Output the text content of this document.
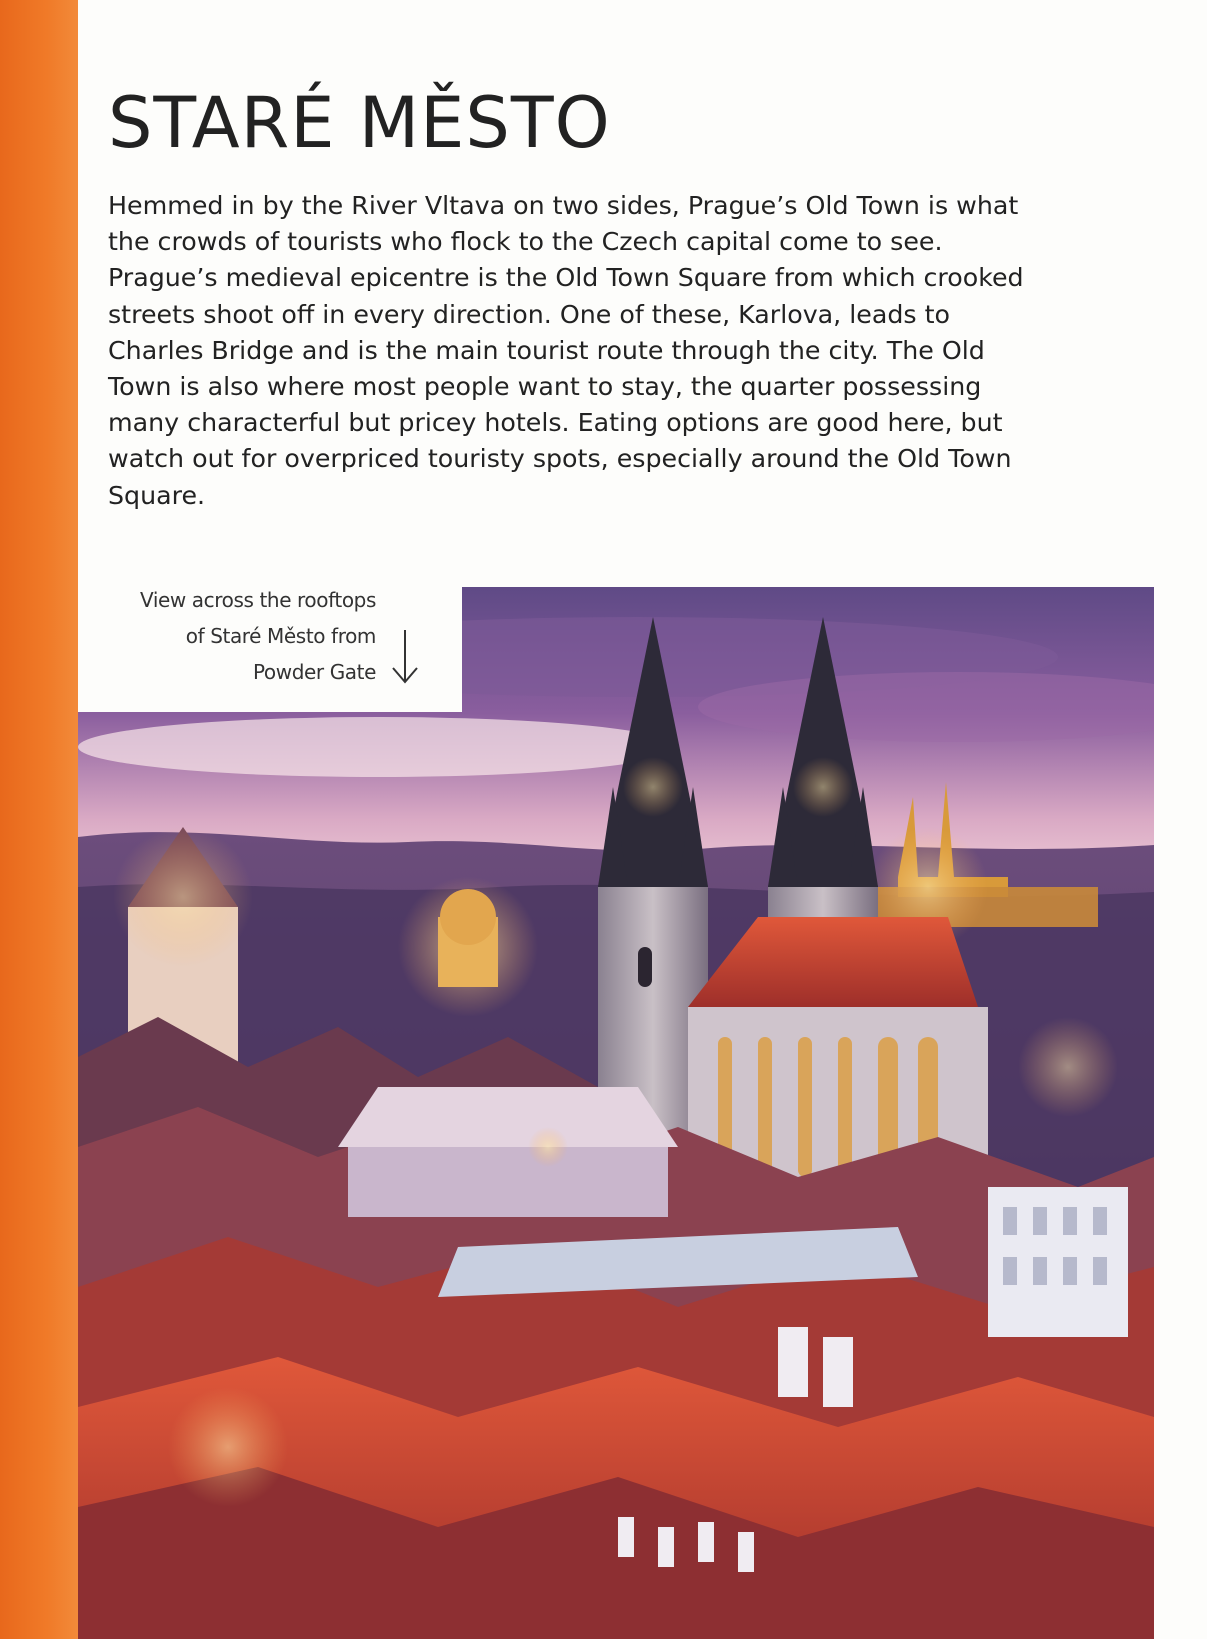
STARÉ MĚSTO

Hemmed in by the River Vltava on two sides, Prague’s Old Town is what the crowds of tourists who flock to the Czech capital come to see. Prague’s medieval epicentre is the Old Town Square from which crooked streets shoot off in every direction. One of these, Karlova, leads to Charles Bridge and is the main tourist route through the city. The Old Town is also where most people want to stay, the quarter possessing many characterful but pricey hotels. Eating options are good here, but watch out for overpriced touristy spots, especially around the Old Town Square.

View across the rooftops
of Staré Město from
Powder Gate
